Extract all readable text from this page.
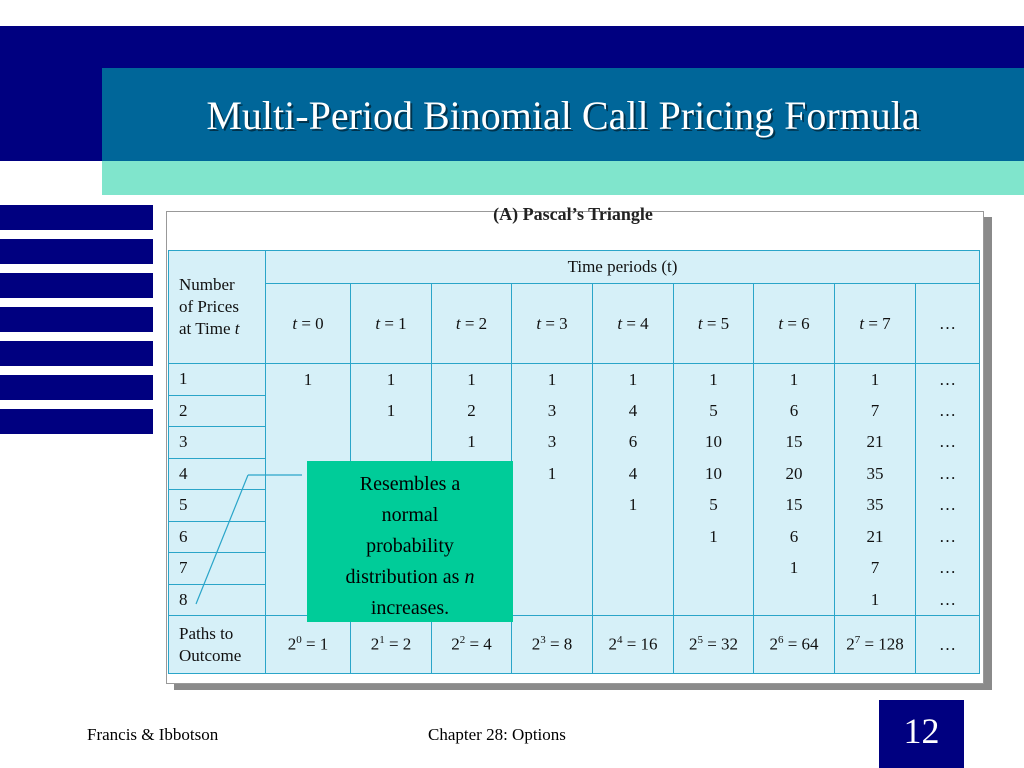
Multi-Period Binomial Call Pricing Formula
(A) Pascal’s Triangle
Number
of Prices
at Time t	Time periods (t)								
	t = 0	t = 1	t = 2	t = 3	t = 4	t = 5	t = 6	t = 7	…
1	1	1	1	1	1	1	1	1	…
2		1	2	3	4	5	6	7	…
3			1	3	6	10	15	21	…
4				1	4	10	20	35	…
5					1	5	15	35	…
6						1	6	21	…
7							1	7	…
8								1	…
Paths to
Outcome	$2^0 = 1$	$2^1 = 2$	$2^2 = 4$	$2^3 = 8$	$2^4 = 16$	$2^5 = 32$	$2^6 = 64$	$2^7 = 128$	…
Resembles a
normal
probability
distribution as n
increases.
Francis & Ibbotson	Chapter 28: Options	12
